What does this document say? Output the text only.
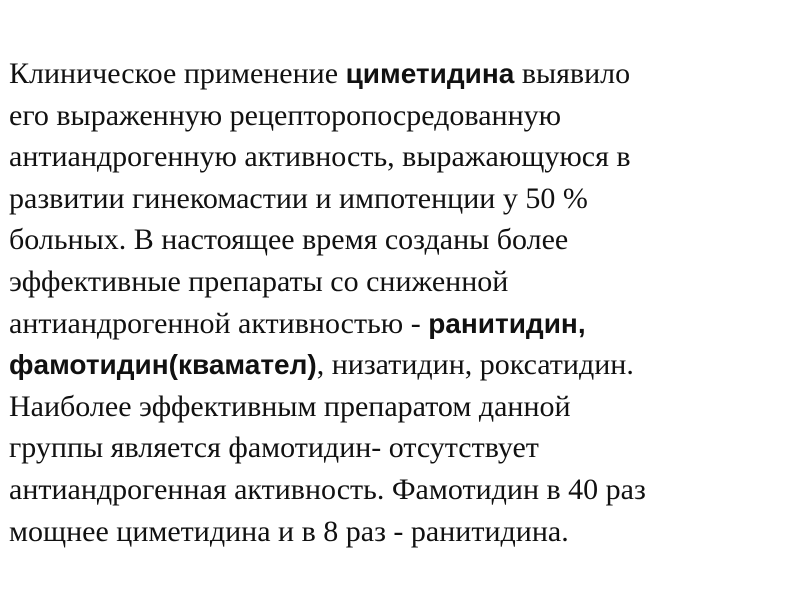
Клиническое применение циметидина выявило
его выраженную рецепторопосредованную
антиандрогенную активность, выражающуюся в
развитии гинекомастии и импотенции у 50 %
больных. В настоящее время созданы более
эффективные препараты со сниженной
антиандрогенной активностью - ранитидин,
фамотидин(квамател), низатидин, роксатидин.
Наиболее эффективным препаратом данной
группы является фамотидин- отсутствует
антиандрогенная активность. Фамотидин в 40 раз
мощнее циметидина и в 8 раз - ранитидина.
